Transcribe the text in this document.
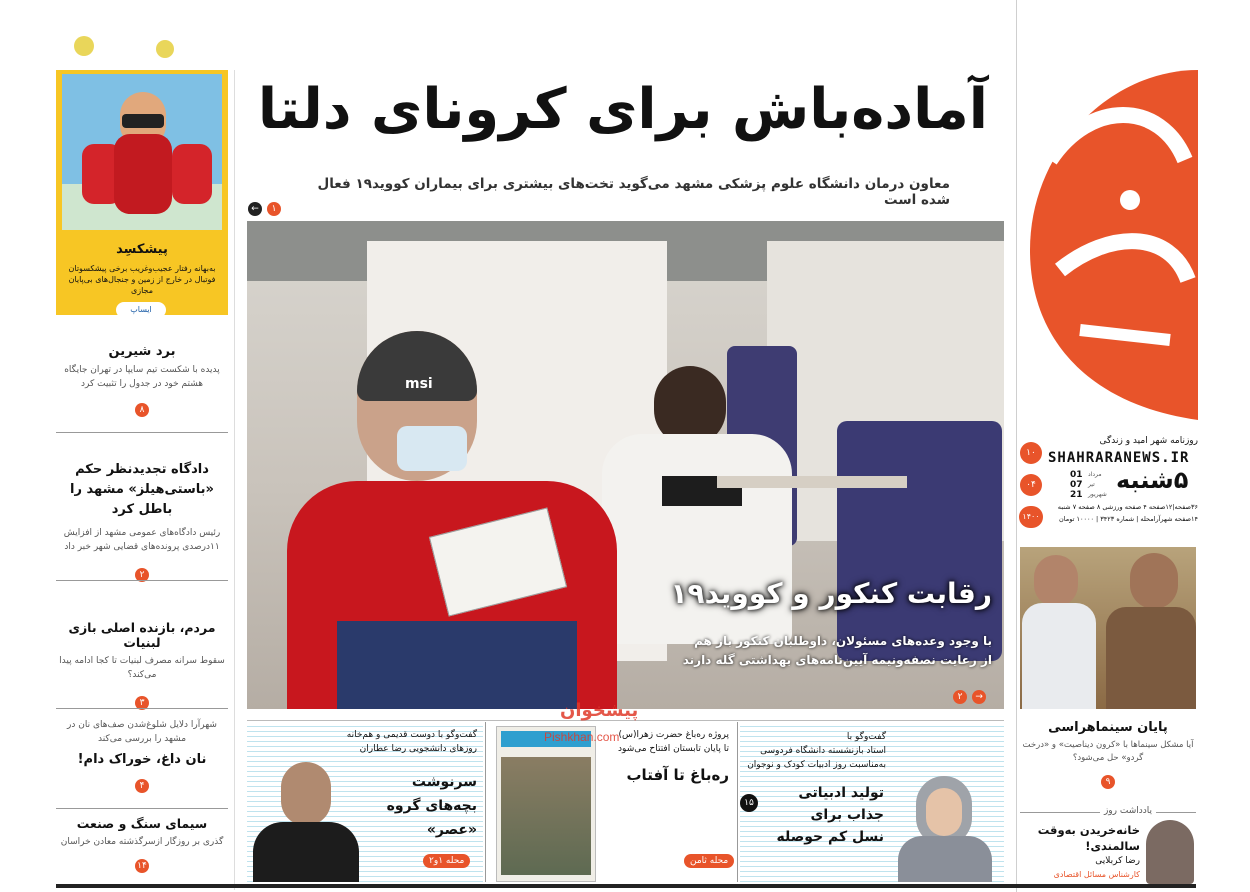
روزنامه شهر امید و زندگی
SHAHRARANEWS.IR
۱۰
۰۴
۱۴۰۰
۵شنبه
01
07
21
مرداد
تیر
شهریور
۳۶صفحه‌|۱۲صفحه‌ ۴ صفحه ورزشی ۸ صفحه ۷ شنبه
۱۴صفحه شهرآرامحله | شماره ۳۴۲۳ | ۱۰۰۰۰ تومان
آماده‌باش برای کرونای دلتا
معاون درمان دانشگاه علوم پزشکی مشهد می‌گوید تخت‌های بیشتری برای بیماران کووید۱۹ فعال شده است
← ۱
msi
رقابت کنکور و کووید۱۹
با وجود وعده‌های مسئولان، داوطلبان کنکور باز هم
از رعایت نصفه‌ونیمه آیین‌نامه‌های بهداشتی گله دارند
۲ →
پیشکسِد
به‌بهانه رفتار عجیب‌وغریب برخی پیشکسوتان فوتبال در خارج از زمین و جنجال‌های بی‌پایان مجازی
ایساپ
برد شیرین
پدیده با شکست تیم سایپا در تهران جایگاه هشتم خود در جدول را تثبیت کرد
۸
دادگاه تجدیدنظر حکم «باستی‌هیلز» مشهد را باطل کرد
رئیس دادگاه‌های عمومی مشهد از افزایش ۱۱درصدی پرونده‌های قضایی شهر خبر داد
۲
مردم، بازنده اصلی بازی لبنیات
سقوط سرانه مصرف لبنیات تا کجا ادامه پیدا می‌کند؟
۳
شهرآرا دلایل شلوغ‌شدن صف‌های نان در مشهد را بررسی می‌کند
نان داغ، خوراک دام!
۴
سیمای سنگ و صنعت
گذری بر روزگار ازسرگذشته معادن خراسان
۱۴
پایان سینماهراسی
آیا مشکل سینماها با «کرون دیناصیت» و «درخت گردو» حل می‌شود؟
۹
یادداشت روز
خانه‌خریدن به‌وقت سالمندی!
رضا کربلایی
کارشناس مسائل اقتصادی
گفت‌وگو با
استاد بازنشسته دانشگاه فردوسی
به‌مناسبت روز ادبیات کودک و نوجوان
تولید ادبیاتی جذاب برای نسل کم حوصله
۱۵
پروژه ره‌باغ حضرت زهرا(س)
تا پایان تابستان افتتاح می‌شود
ره‌باغ تا آفتاب
محله ثامن
گفت‌وگو با دوست قدیمی و هم‌خانه
روزهای دانشجویی رضا عطاران
سرنوشت بچه‌های گروه «عصر»
محله ۱و۲
پیشخوان
Pishkhan.com
